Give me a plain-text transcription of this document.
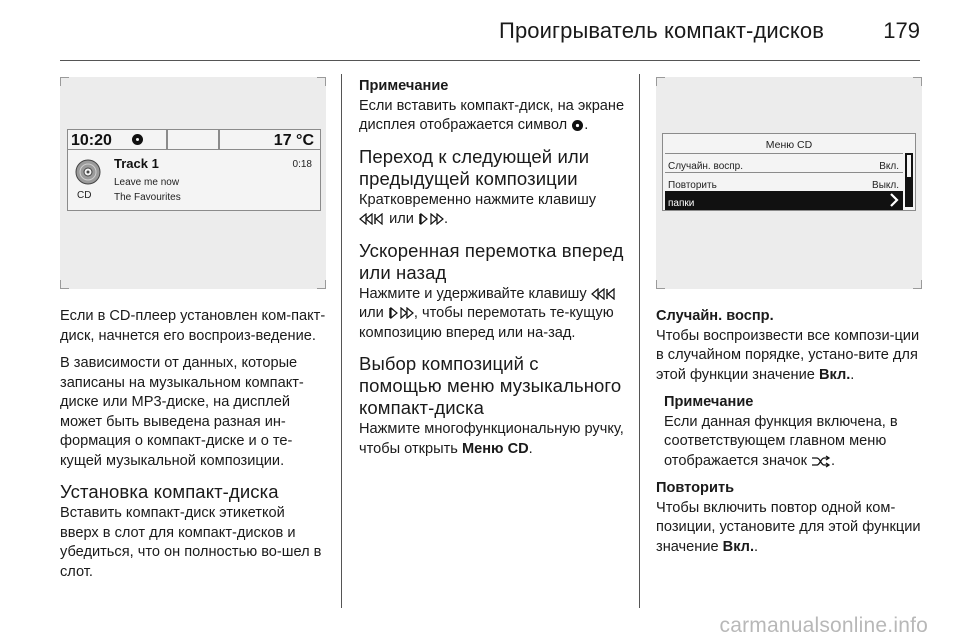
Проигрыватель компакт-дисков	179
10:20	17 °C
CD
Track 1	0:18
Leave me now
The Favourites

Если в CD-плеер установлен ком-пакт-диск, начнется его воспроиз-ведение.

В зависимости от данных, которые записаны на музыкальном компакт-диске или MP3-диске, на дисплей может быть выведена разная ин-формация о компакт-диске и о те-кущей музыкальной композиции.

Установка компакт-диска

Вставить компакт-диск этикеткой вверх в слот для компакт-дисков и убедиться, что он полностью во-шел в слот.

Примечание
Если вставить компакт-диск, на экране дисплея отображается символ .
Переход к следующей или предыдущей композиции

Кратковременно нажмите клавишу  или .

Ускоренная перемотка вперед или назад

Нажмите и удерживайте клавишу  или , чтобы перемотать те-кущую композицию вперед или на-зад.

Выбор композиций с помощью меню музыкального компакт-диска

Нажмите многофункциональную ручку, чтобы открыть Меню CD.

Меню CD
Случайн. воспр.	Вкл.
Повторить	Выкл.
папки
Случайн. воспр.

Чтобы воспроизвести все компози-ции в случайном порядке, устано-вите для этой функции значение Вкл..

Примечание
Если данная функция включена, в соответствующем главном меню отображается значок .
Повторить

Чтобы включить повтор одной ком-позиции, установите для этой функции значение Вкл..

carmanualsonline.info
